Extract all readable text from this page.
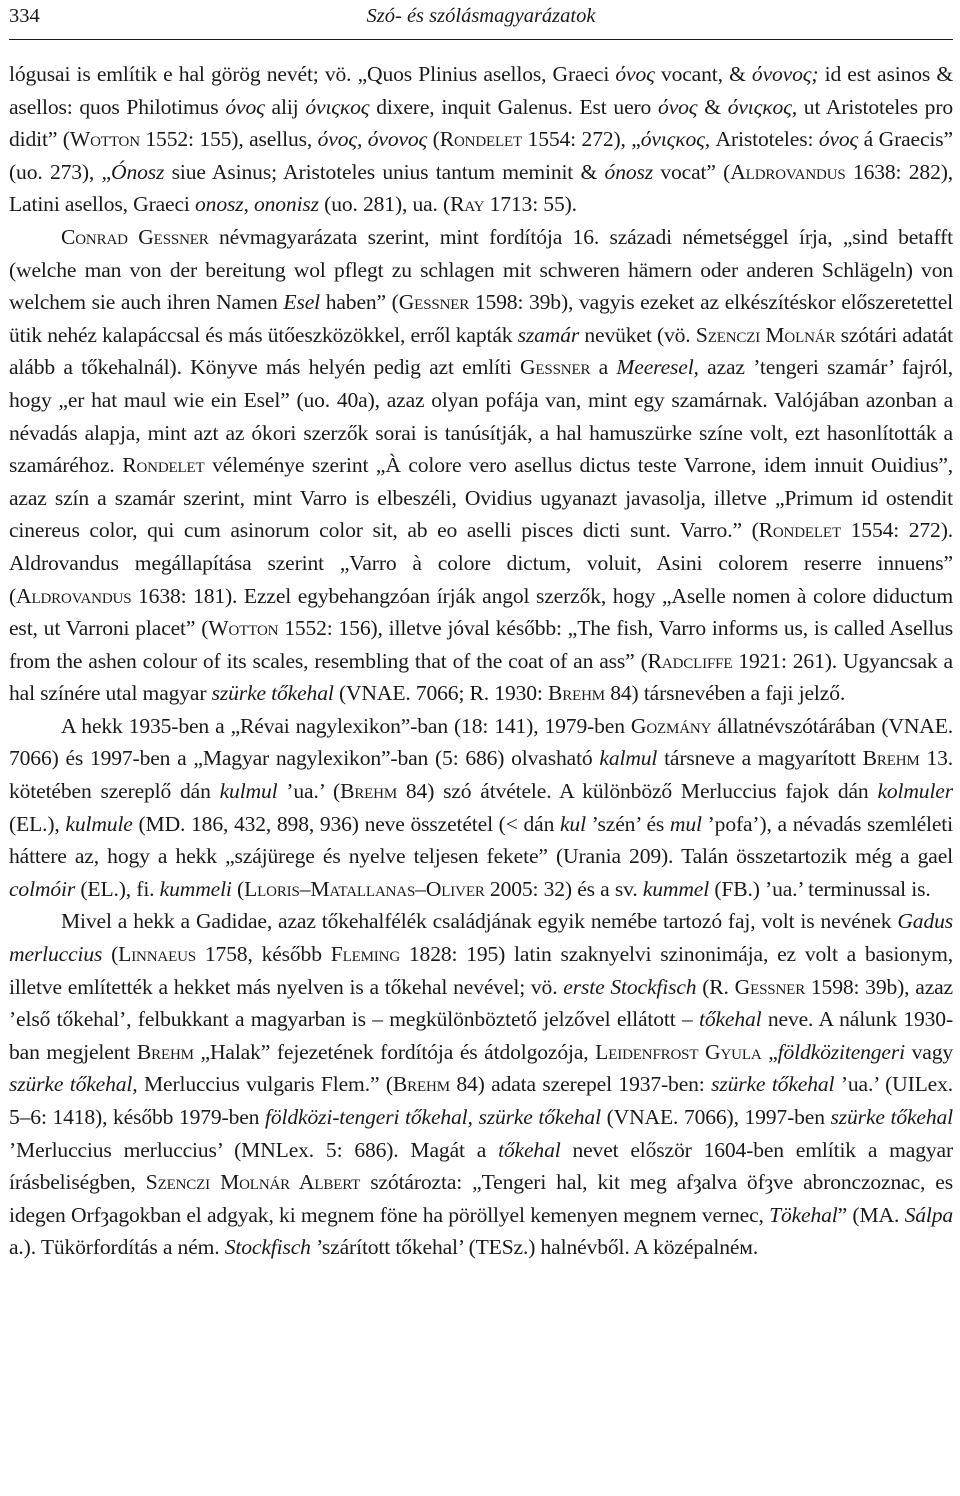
334	Szó- és szólásmagyarázatok

lógusai is említik e hal görög nevét; vö. „Quos Plinius asellos, Graeci όνος vocant, & όνονος; id est asinos & asellos: quos Philotimus όνος alij όνιςκος dixere, inquit Galenus. Est uero όνος & όνιςκος, ut Aristoteles pro didit” (Wotton 1552: 155), asellus, όνος, όνονος (Rondelet 1554: 272), „όνιςκος, Aristoteles: όνος á Graecis” (uo. 273), „Ónosz siue Asinus; Aristoteles unius tantum meminit & ónosz vocat” (Aldrovandus 1638: 282), Latini asellos, Graeci onosz, ononisz (uo. 281), ua. (Ray 1713: 55).

Conrad Gessner névmagyarázata szerint, mint fordítója 16. századi németséggel írja, „sind betafft (welche man von der bereitung wol pflegt zu schlagen mit schweren hämern oder anderen Schlägeln) von welchem sie auch ihren Namen Esel haben” (Gessner 1598: 39b), vagyis ezeket az elkészítéskor előszeretettel ütik nehéz kalapáccsal és más ütőeszközökkel, erről kapták szamár nevüket (vö. Szenczi Molnár szótári adatát alább a tőkehalnál). Könyve más helyén pedig azt említi Gessner a Meeresel, azaz ’tengeri szamár’ fajról, hogy „er hat maul wie ein Esel” (uo. 40a), azaz olyan pofája van, mint egy szamárnak. Valójában azonban a névadás alapja, mint azt az ókori szerzők sorai is tanúsítják, a hal hamuszürke színe volt, ezt hasonlították a szamáréhoz. Rondelet véleménye szerint „À colore vero asellus dictus teste Varrone, idem innuit Ouidius”, azaz szín a szamár szerint, mint Varro is elbeszéli, Ovidius ugyanazt javasolja, illetve „Primum id ostendit cinereus color, qui cum asinorum color sit, ab eo aselli pisces dicti sunt. Varro.” (Rondelet 1554: 272). Aldrovandus megállapítása szerint „Varro à colore dictum, voluit, Asini colorem reserre innuens” (Aldrovandus 1638: 181). Ezzel egybehangzóan írják angol szerzők, hogy „Aselle nomen à colore diductum est, ut Varroni placet” (Wotton 1552: 156), illetve jóval később: „The fish, Varro informs us, is called Asellus from the ashen colour of its scales, resembling that of the coat of an ass” (Radcliffe 1921: 261). Ugyancsak a hal színére utal magyar szürke tőkehal (VNAE. 7066; R. 1930: Brehm 84) társnevében a faji jelző.

A hekk 1935-ben a „Révai nagylexikon”-ban (18: 141), 1979-ben Gozmány állatnévszótárában (VNAE. 7066) és 1997-ben a „Magyar nagylexikon”-ban (5: 686) olvasható kalmul társneve a magyarított Brehm 13. kötetében szereplő dán kulmul ’ua.’ (Brehm 84) szó átvétele. A különböző Merluccius fajok dán kolmuler (EL.), kulmule (MD. 186, 432, 898, 936) neve összetétel (< dán kul ’szén’ és mul ’pofa’), a névadás szemléleti háttere az, hogy a hekk „szájürege és nyelve teljesen fekete” (Urania 209). Talán összetartozik még a gael colmóir (EL.), fi. kummeli (Lloris–Matallanas–Oliver 2005: 32) és a sv. kummel (FB.) ’ua.’ terminussal is.

Mivel a hekk a Gadidae, azaz tőkehalfélék családjának egyik nemébe tartozó faj, volt is nevének Gadus merluccius (Linnaeus 1758, később Fleming 1828: 195) latin szaknyelvi szinonimája, ez volt a basionym, illetve említették a hekket más nyelven is a tőkehal nevével; vö. erste Stockfisch (R. Gessner 1598: 39b), azaz ’első tőkehal’, felbukkant a magyarban is – megkülönböztető jelzővel ellátott – tőkehal neve. A nálunk 1930-ban megjelent Brehm „Halak” fejezetének fordítója és átdolgozója, Leidenfrost Gyula „földközitengeri vagy szürke tőkehal, Merluccius vulgaris Flem.” (Brehm 84) adata szerepel 1937-ben: szürke tőkehal ’ua.’ (UILex. 5–6: 1418), később 1979-ben földközi-tengeri tőkehal, szürke tőkehal (VNAE. 7066), 1997-ben szürke tőkehal ’Merluccius merluccius’ (MNLex. 5: 686). Magát a tőkehal nevet először 1604-ben említik a magyar írásbeliségben, Szenczi Molnár Albert szótározta: „Tengeri hal, kit meg afȝalva öfȝve abronczoznac, es idegen Orfȝagokban el adgyak, ki megnem föne ha pöröllyel kemenyen megnem vernec, Tökehal” (MA. Sálpa a.). Tükörfordítás a ném. Stockfisch ’szárított tőkehal’ (TESz.) halnévből. A középalnéм.
